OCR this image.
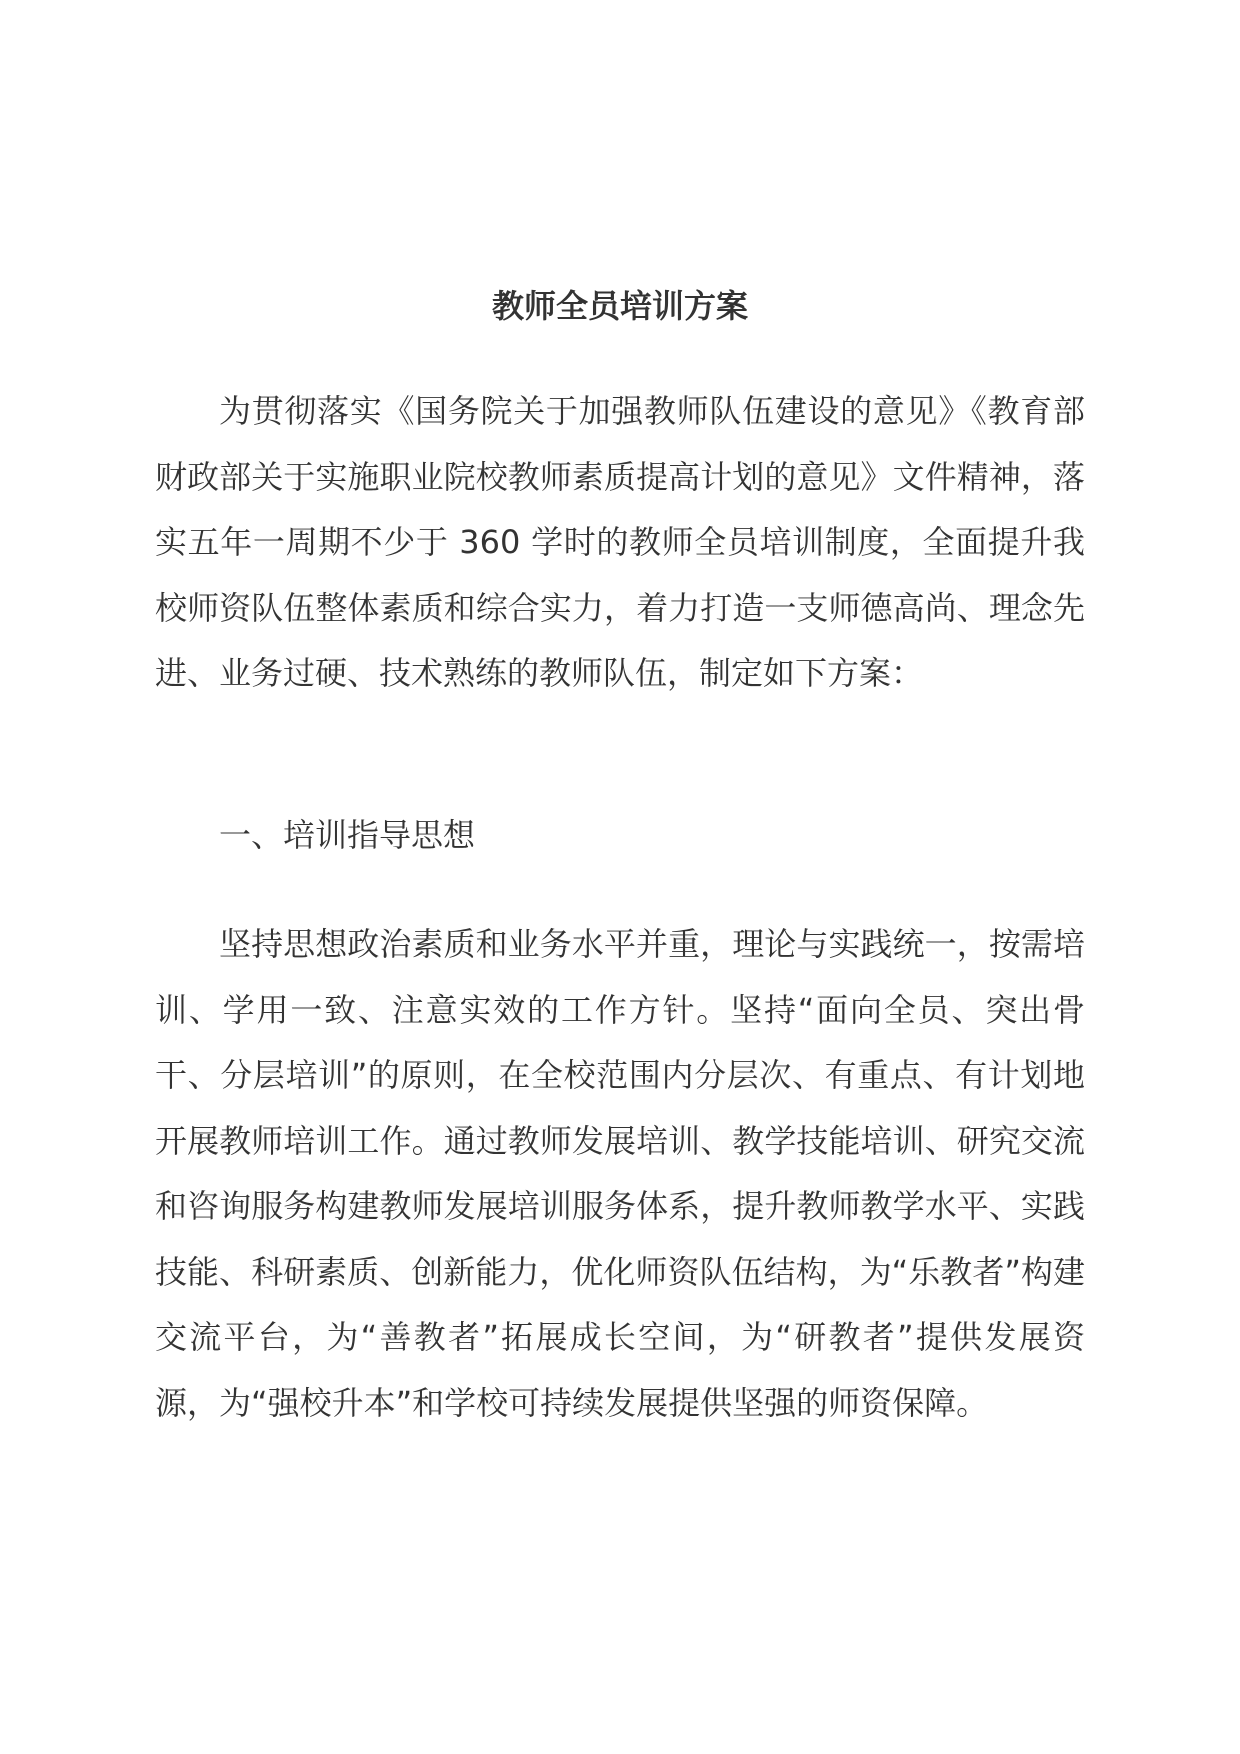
教师全员培训方案

为贯彻落实《国务院关于加强教师队伍建设的意见》《教育部财政部关于实施职业院校教师素质提高计划的意见》文件精神，落实五年一周期不少于 360 学时的教师全员培训制度，全面提升我校师资队伍整体素质和综合实力，着力打造一支师德高尚、理念先进、业务过硬、技术熟练的教师队伍，制定如下方案：

一、培训指导思想

坚持思想政治素质和业务水平并重，理论与实践统一，按需培训、学用一致、注意实效的工作方针。坚持“面向全员、突出骨干、分层培训”的原则，在全校范围内分层次、有重点、有计划地开展教师培训工作。通过教师发展培训、教学技能培训、研究交流和咨询服务构建教师发展培训服务体系，提升教师教学水平、实践技能、科研素质、创新能力，优化师资队伍结构，为“乐教者”构建交流平台，为“善教者”拓展成长空间，为“研教者”提供发展资源，为“强校升本”和学校可持续发展提供坚强的师资保障。
